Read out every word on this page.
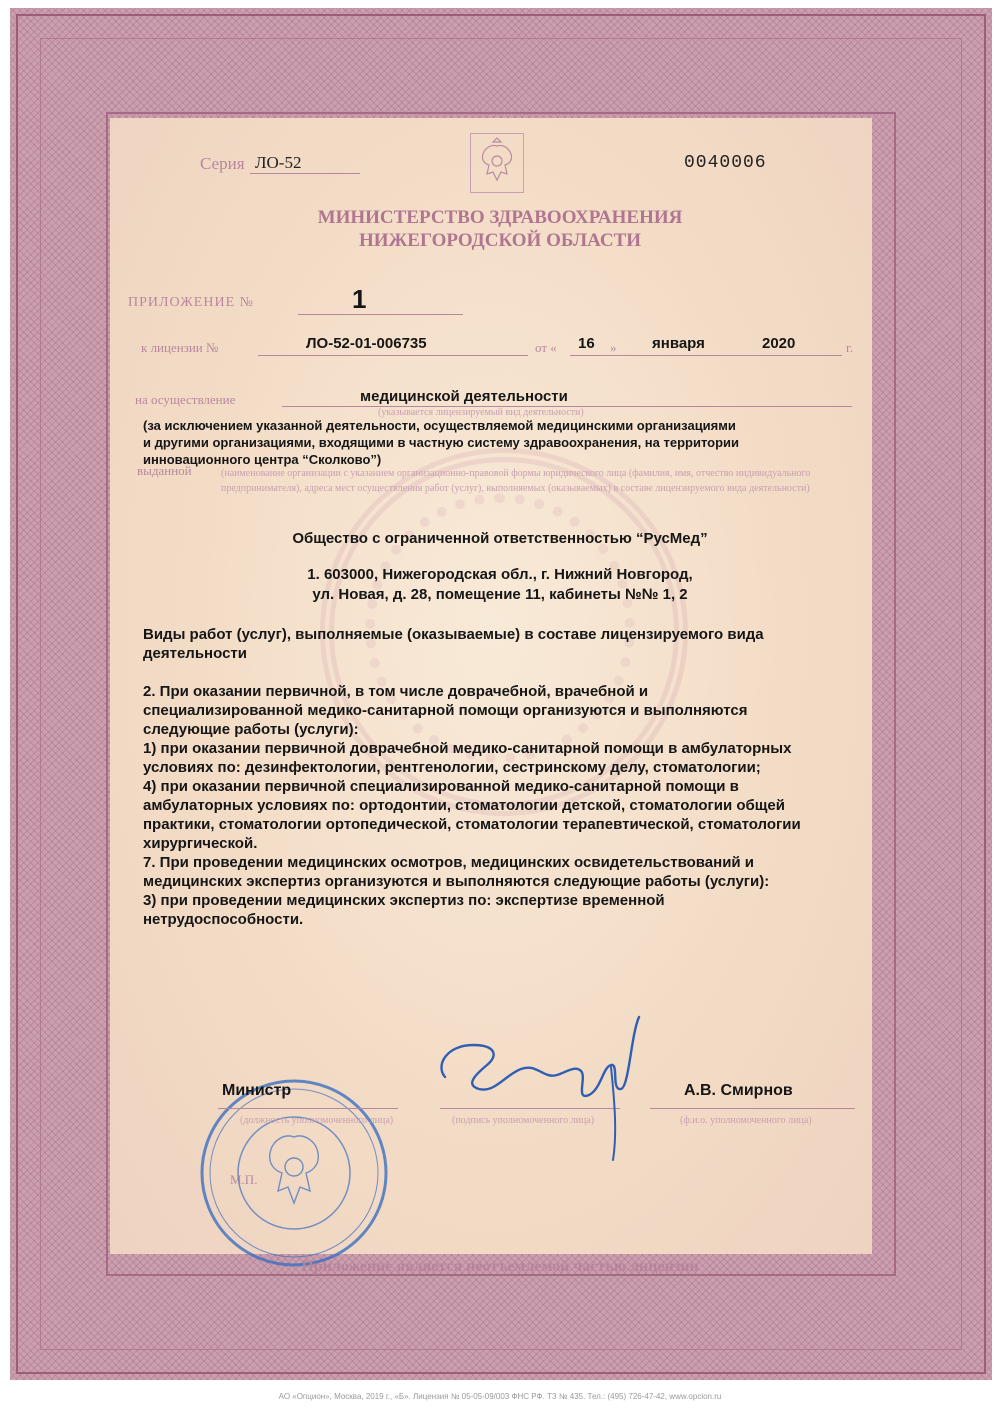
Серия ЛО-52	0040006
МИНИСТЕРСТВО ЗДРАВООХРАНЕНИЯ
НИЖЕГОРОДСКОЙ ОБЛАСТИ
ПРИЛОЖЕНИЕ №	1
к лицензии №	ЛО-52-01-006735	от « 16 » января	2020	г.
на осуществление	медицинской деятельности
(указывается лицензируемый вид деятельности)
(за исключением указанной деятельности, осуществляемой медицинскими организациями
и другими организациями, входящими в частную систему здравоохранения, на территории
инновационного центра “Сколково”)
выданной	(наименование организации с указанием организационно-правовой формы юридического лица (фамилия, имя, отчество индивидуального предпринимателя), адреса мест осуществления работ (услуг), выполняемых (оказываемых) в составе лицензируемого вида деятельности)
Общество с ограниченной ответственностью “РусМед”
1. 603000, Нижегородская обл., г. Нижний Новгород,
ул. Новая, д. 28, помещение 11, кабинеты №№ 1, 2
Виды работ (услуг), выполняемые (оказываемые) в составе лицензируемого вида
деятельности
2. При оказании первичной, в том числе доврачебной, врачебной и
специализированной медико-санитарной помощи организуются и выполняются
следующие работы (услуги):
1) при оказании первичной доврачебной медико-санитарной помощи в амбулаторных
условиях по: дезинфектологии, рентгенологии, сестринскому делу, стоматологии;
4) при оказании первичной специализированной медико-санитарной помощи в
амбулаторных условиях по: ортодонтии, стоматологии детской, стоматологии общей
практики, стоматологии ортопедической, стоматологии терапевтической, стоматологии
хирургической.
7. При проведении медицинских осмотров, медицинских освидетельствований и
медицинских экспертиз организуются и выполняются следующие работы (услуги):
3) при проведении медицинских экспертиз по: экспертизе временной
нетрудоспособности.
Министр	А.В. Смирнов
(должность уполномоченного лица)	(подпись уполномоченного лица)	(ф.и.о. уполномоченного лица)
М.П.
Приложение является неотъемлемой частью лицензии
АО «Опцион», Москва, 2019 г., «Б». Лицензия № 05-05-09/003 ФНС РФ. ТЗ № 435. Тел.: (495) 726-47-42, www.opcion.ru
